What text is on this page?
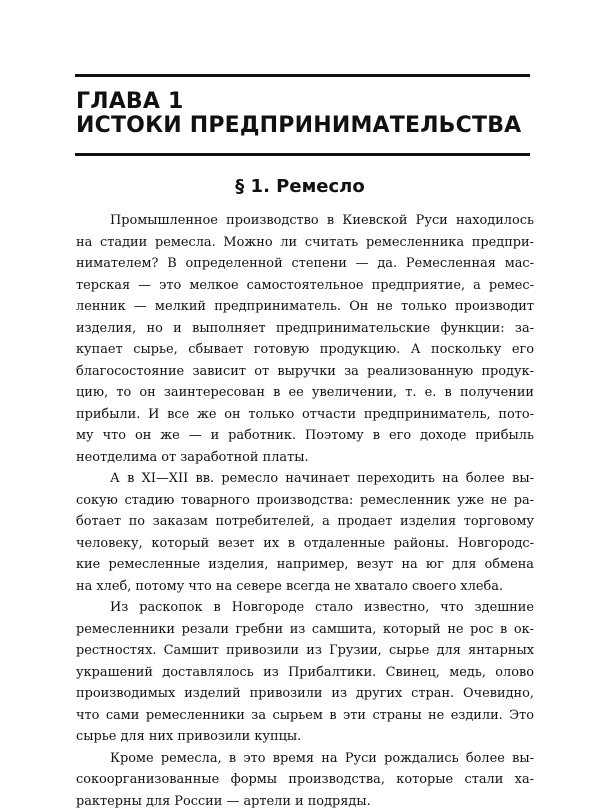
ГЛАВА 1
ИСТОКИ ПРЕДПРИНИМАТЕЛЬСТВА
§ 1. Ремесло
Промышленное производство в Киевской Руси находилось
на стадии ремесла. Можно ли считать ремесленника предпри-
нимателем? В определенной степени — да. Ремесленная мас-
терская — это мелкое самостоятельное предприятие, а ремес-
ленник — мелкий предприниматель. Он не только производит
изделия, но и выполняет предпринимательские функции: за-
купает сырье, сбывает готовую продукцию. А поскольку его
благосостояние зависит от выручки за реализованную продук-
цию, то он заинтересован в ее увеличении, т. е. в получении
прибыли. И все же он только отчасти предприниматель, пото-
му что он же — и работник. Поэтому в его доходе прибыль
неотделима от заработной платы.
А в XI—XII вв. ремесло начинает переходить на более вы-
сокую стадию товарного производства: ремесленник уже не ра-
ботает по заказам потребителей, а продает изделия торговому
человеку, который везет их в отдаленные районы. Новгородс-
кие ремесленные изделия, например, везут на юг для обмена
на хлеб, потому что на севере всегда не хватало своего хлеба.
Из раскопок в Новгороде стало известно, что здешние
ремесленники резали гребни из самшита, который не рос в ок-
рестностях. Самшит привозили из Грузии, сырье для янтарных
украшений доставлялось из Прибалтики. Свинец, медь, олово
производимых изделий привозили из других стран. Очевидно,
что сами ремесленники за сырьем в эти страны не ездили. Это
сырье для них привозили купцы.
Кроме ремесла, в это время на Руси рождались более вы-
сокоорганизованные формы производства, которые стали ха-
рактерны для России — артели и подряды.
